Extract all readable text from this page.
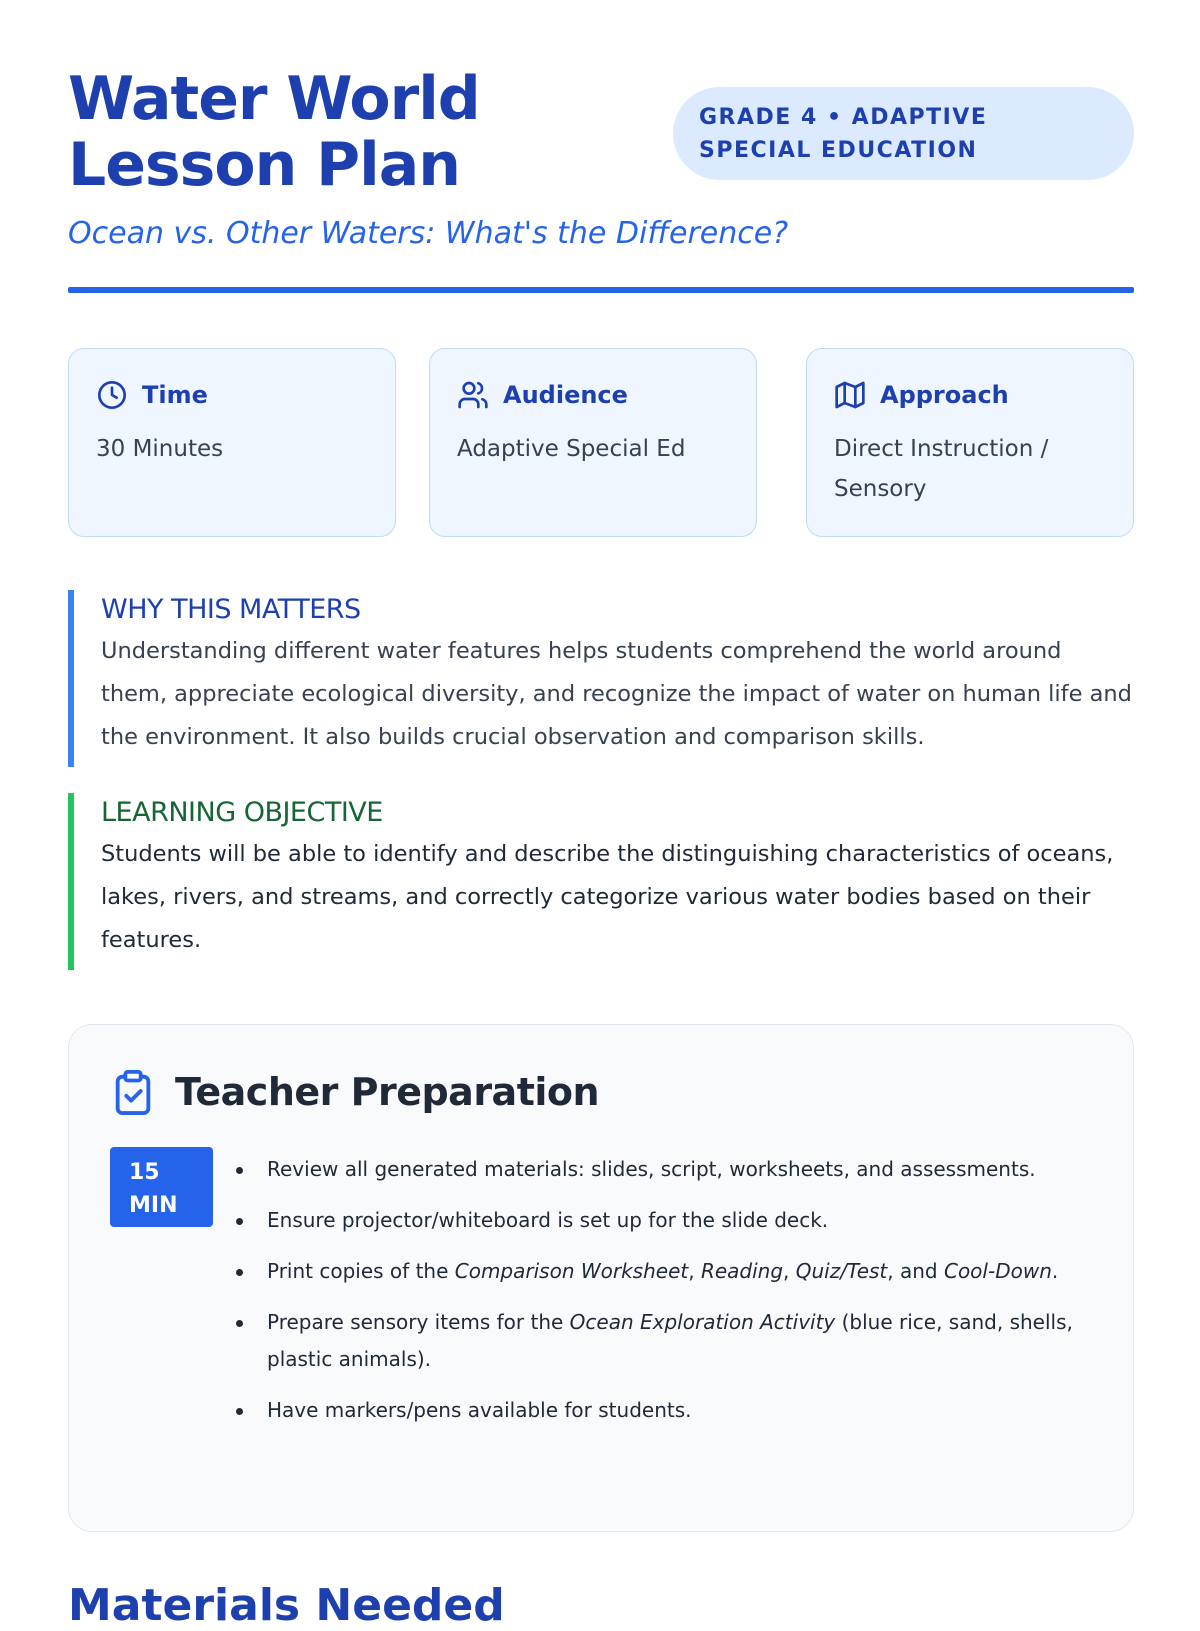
Water World Lesson Plan
GRADE 4 • ADAPTIVE SPECIAL EDUCATION
Ocean vs. Other Waters: What's the Difference?
Time
30 Minutes
Audience
Adaptive Special Ed
Approach
Direct Instruction / Sensory
WHY THIS MATTERS
Understanding different water features helps students comprehend the world around them, appreciate ecological diversity, and recognize the impact of water on human life and the environment. It also builds crucial observation and comparison skills.
LEARNING OBJECTIVE
Students will be able to identify and describe the distinguishing characteristics of oceans, lakes, rivers, and streams, and correctly categorize various water bodies based on their features.
Teacher Preparation
15
MIN
Review all generated materials: slides, script, worksheets, and assessments.
Ensure projector/whiteboard is set up for the slide deck.
Print copies of the Comparison Worksheet, Reading, Quiz/Test, and Cool-Down.
Prepare sensory items for the Ocean Exploration Activity (blue rice, sand, shells, plastic animals).
Have markers/pens available for students.
Materials Needed
